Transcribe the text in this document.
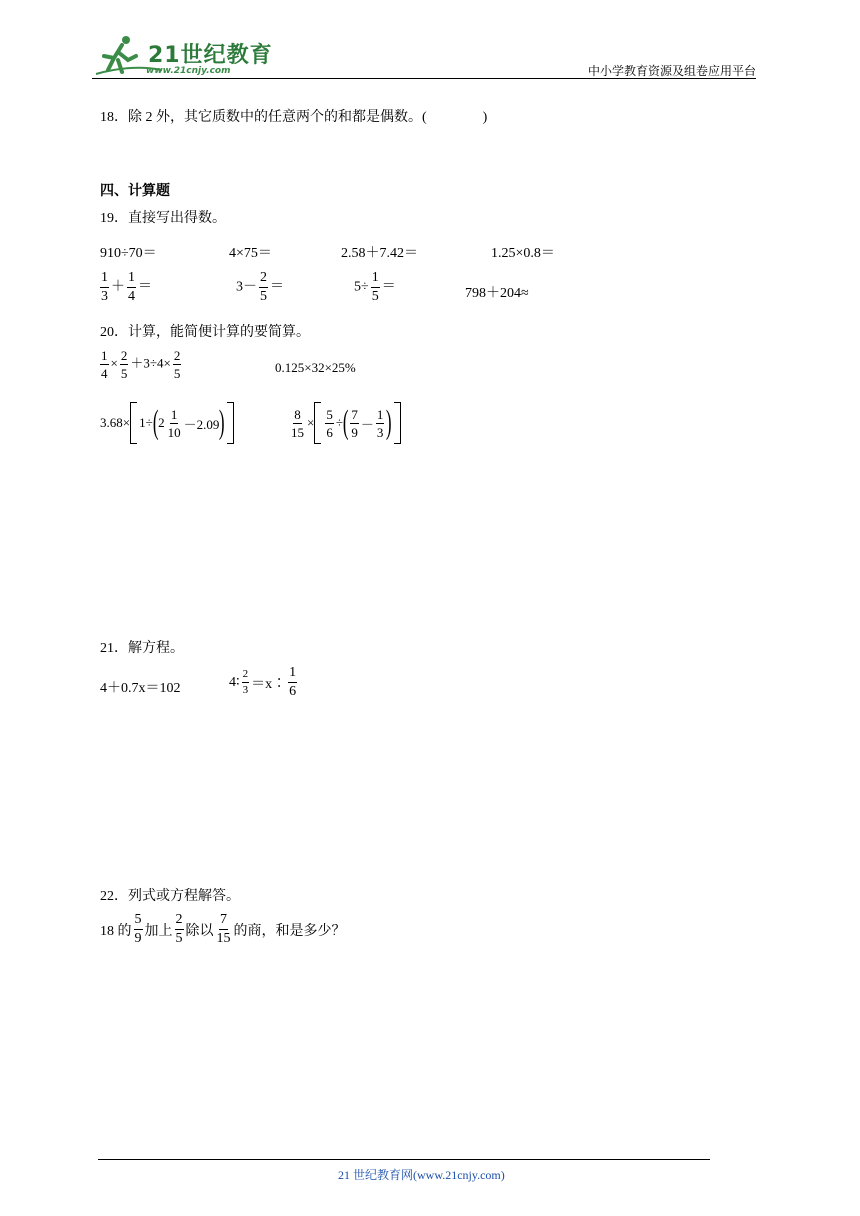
21世纪教育
www.21cnjy.com	中小学教育资源及组卷应用平台
18．除 2 外，其它质数中的任意两个的和都是偶数。(　　　　)
四、计算题
19．直接写出得数。
910÷70＝	4×75＝	2.58＋7.42＝	1.25×0.8＝
$\frac{1}{3} + \frac{1}{4}$ ＝	$3- \frac{2}{5}$ ＝	$5\div \frac{1}{5}$ ＝	798＋204≈
20．计算，能简便计算的要简算。
$\frac{1}{4} \times \frac{2}{5} +3\div 4\times \frac{2}{5}$	0.125×32×25%
3.68× 1÷ ( $2 \frac{1}{10} -2.09$ )	$\frac{8}{15} \times \frac{5}{6}$ ÷ ( $\frac{7}{9} - \frac{1}{3}$ )
21．解方程。
4＋0.7x＝102	4∶ $\frac{2}{3}$ ＝x∶ $\frac{1}{6}$
22．列式或方程解答。
18 的 $\frac{5}{9}$ 加上 $\frac{2}{5}$ 除以 $\frac{7}{15}$ 的商，和是多少？
21 世纪教育网(www.21cnjy.com)
